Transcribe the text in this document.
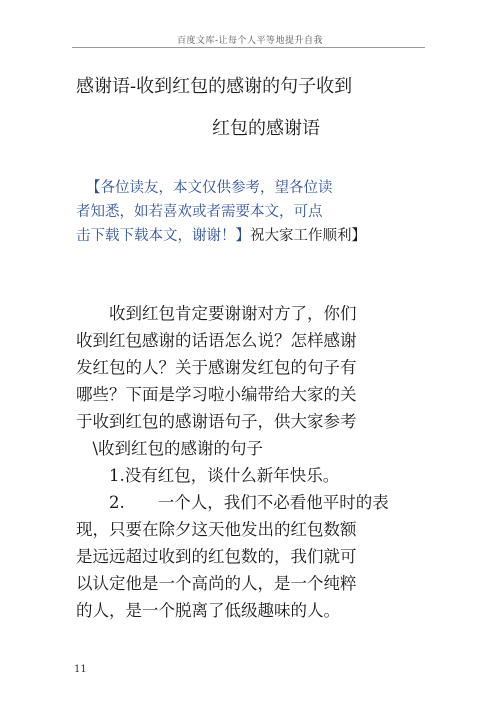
百度文库-让每个人平等地提升自我
感谢语-收到红包的感谢的句子收到
红包的感谢语
【各位读友，本文仅供参考，望各位读
者知悉，如若喜欢或者需要本文，可点
击下载下载本文，谢谢！】祝大家工作顺利】
　　收到红包肯定要谢谢对方了，你们
收到红包感谢的话语怎么说？怎样感谢
发红包的人？关于感谢发红包的句子有
哪些？下面是学习啦小编带给大家的关
于收到红包的感谢语句子，供大家参考
　\收到红包的感谢的句子
　　1.没有红包，谈什么新年快乐。
　　2.　　一个人，我们不必看他平时的表
现，只要在除夕这天他发出的红包数额
是远远超过收到的红包数的，我们就可
以认定他是一个高尚的人，是一个纯粹
的人，是一个脱离了低级趣味的人。
11
